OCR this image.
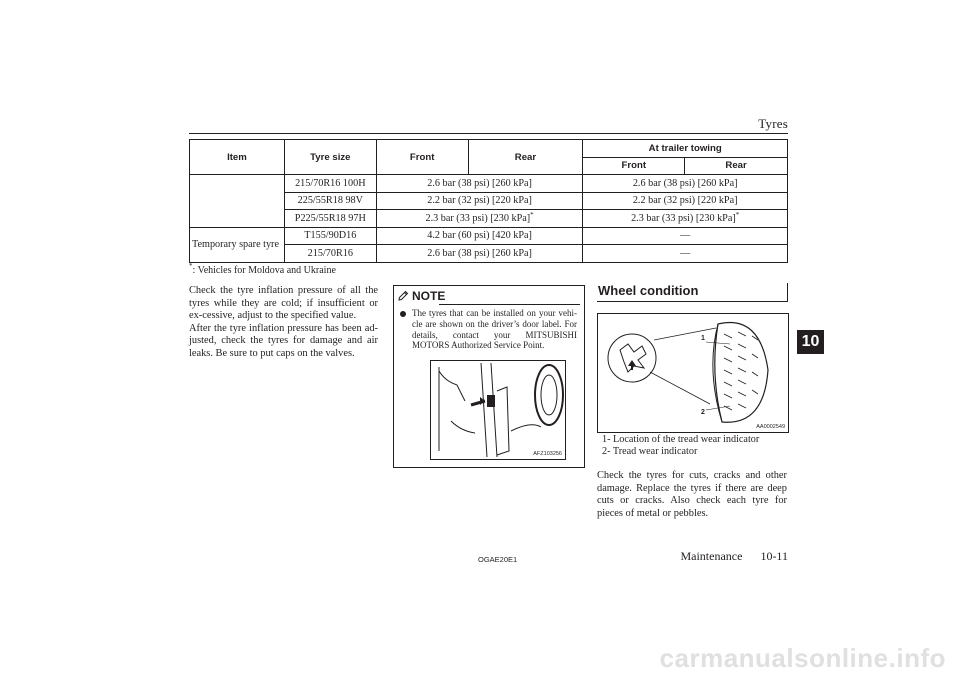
Tyres
10
Item	Tyre size	Front	Rear	At trailer towing	
				Front	Rear
	215/70R16 100H	2.6 bar (38 psi) [260 kPa]		2.6 bar (38 psi) [260 kPa]	
	225/55R18 98V	2.2 bar (32 psi) [220 kPa]		2.2 bar (32 psi) [220 kPa]	
	P225/55R18 97H	2.3 bar (33 psi) [230 kPa]*		2.3 bar (33 psi) [230 kPa]*
Temporary spare tyre	T155/90D16	4.2 bar (60 psi) [420 kPa]		—	
	215/70R16	2.6 bar (38 psi) [260 kPa]		—	
*: Vehicles for Moldova and Ukraine

Check the tyre inflation pressure of all the tyres while they are cold; if insufficient or ex-cessive, adjust to the specified value.

After the tyre inflation pressure has been ad-justed, check the tyres for damage and air leaks. Be sure to put caps on the valves.

NOTE
The tyres that can be installed on your vehi-cle are shown on the driver’s door label. For details, contact your MITSUBISHI MOTORS Authorized Service Point.
AFZ103256
Wheel condition
1
2
AA0002549
1- Location of the tread wear indicator
2- Tread wear indicator

Check the tyres for cuts, cracks and other damage. Replace the tyres if there are deep cuts or cracks. Also check each tyre for pieces of metal or pebbles.

OGAE20E1	Maintenance 10-11
carmanualsonline.info
